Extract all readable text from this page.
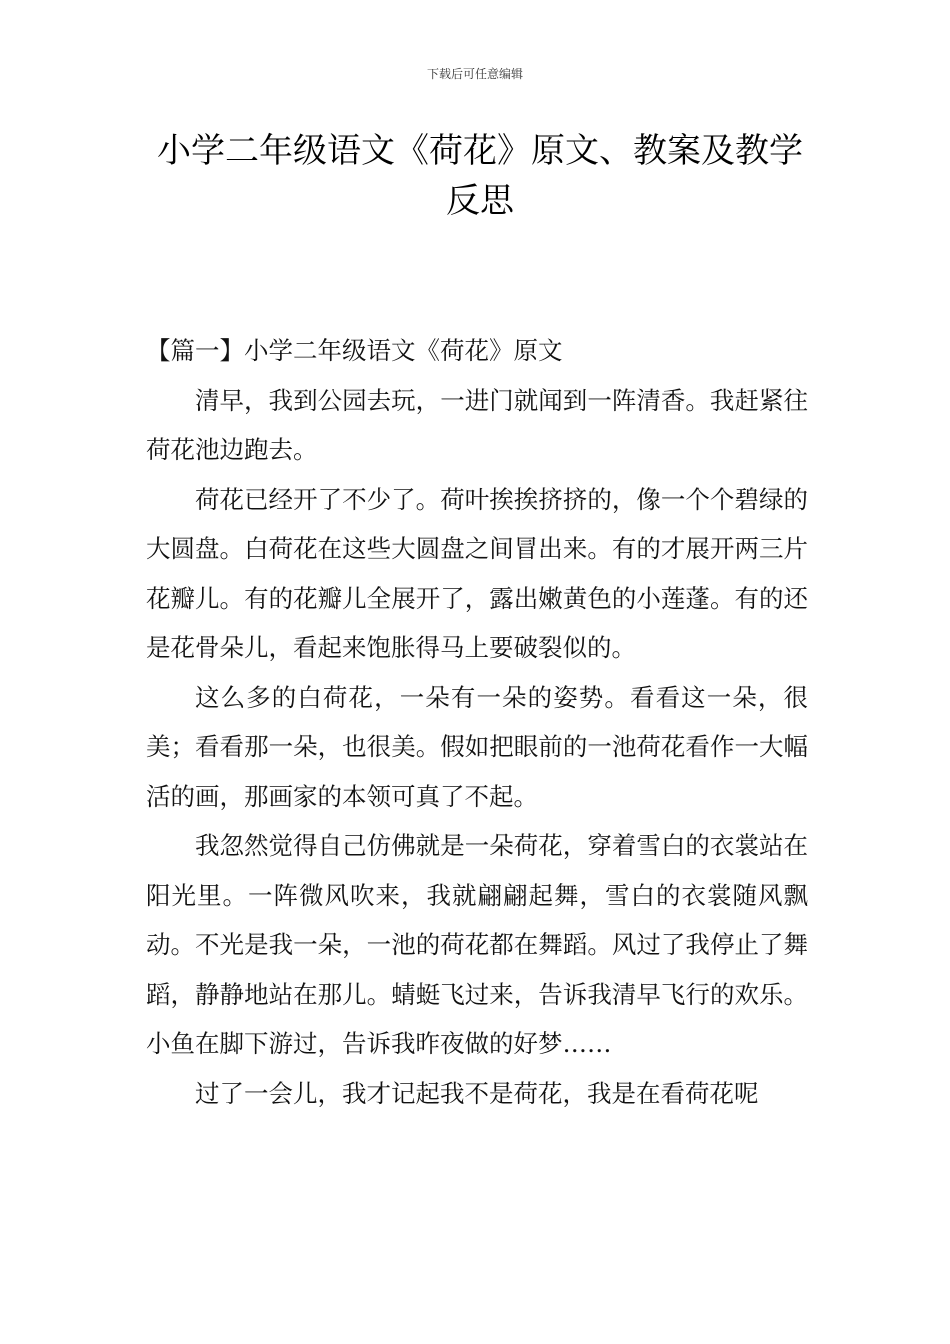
下载后可任意编辑
小学二年级语文《荷花》原文、教案及教学反思

【篇一】小学二年级语文《荷花》原文

清早，我到公园去玩，一进门就闻到一阵清香。我赶紧往荷花池边跑去。

荷花已经开了不少了。荷叶挨挨挤挤的，像一个个碧绿的大圆盘。白荷花在这些大圆盘之间冒出来。有的才展开两三片花瓣儿。有的花瓣儿全展开了，露出嫩黄色的小莲蓬。有的还是花骨朵儿，看起来饱胀得马上要破裂似的。

这么多的白荷花，一朵有一朵的姿势。看看这一朵，很美；看看那一朵，也很美。假如把眼前的一池荷花看作一大幅活的画，那画家的本领可真了不起。

我忽然觉得自己仿佛就是一朵荷花，穿着雪白的衣裳站在阳光里。一阵微风吹来，我就翩翩起舞，雪白的衣裳随风飘动。不光是我一朵，一池的荷花都在舞蹈。风过了我停止了舞蹈，静静地站在那儿。蜻蜓飞过来，告诉我清早飞行的欢乐。小鱼在脚下游过，告诉我昨夜做的好梦……

过了一会儿，我才记起我不是荷花，我是在看荷花呢
